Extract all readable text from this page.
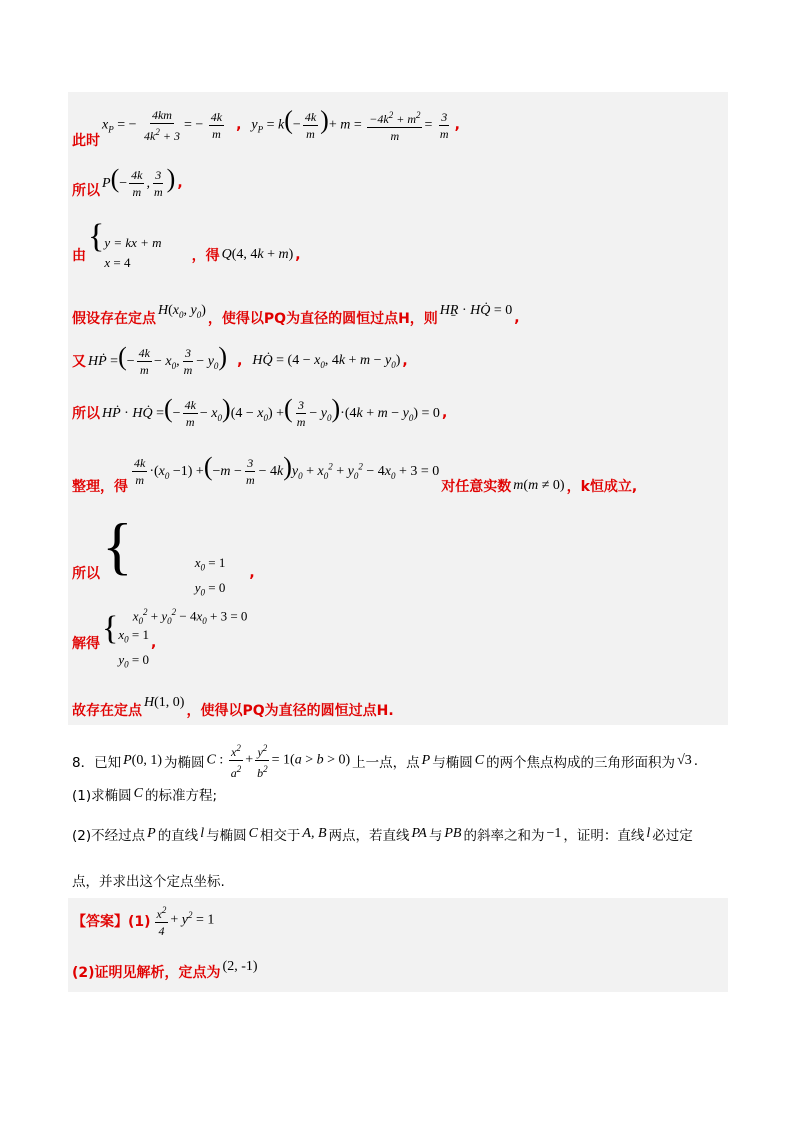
此时
$x_P$ = − $\frac{4km}{4k^2 + 3}$ = − $\frac{4k}{m}$ , $y_P = k(- \frac{4k}{m}$ )+ $m = \frac{-4k^2 + m^2}{m} = \frac{3}{m}$ ,
所以 $P(- \frac{4k}{m}$ , $\frac{3}{m}$ ) ,
由
{ y = kx + m
x = 4	，得 Q(4, 4k + m) ,
假设存在定点
$H(x_0$, $y_0$)
，使得以PQ为直径的圆恒过点H，则
HṞ · HQ̇ = 0 ,
又 HṖ =(− $\frac{4k}{m} - x_0$, $\frac{3}{m} - y_0$) , HQ̇ = ($4 - x_0$, $4k + m - y_0$) ,
所以 HṖ · HQ̇ =(− $\frac{4k}{m} - x_0)(4 - x_0)$ +( $\frac{3}{m} - y_0)\cdot(4k + m - y_0) = 0$ ,
整理，得 $\frac{4k}{m} \cdot(x_0 -1) +(-m - \frac{3}{m} - 4k)y_0 + x_0^2 + y_0^2 - 4x_0 + 3 = 0$
对任意实数 m(m ≠ 0) ，k恒成立,
所以 {	$x_0 = 1$
$y_0 = 0$
$x_0^2 + y_0^2 - 4x_0 + 3 = 0$
,
解得 { $x_0 = 1$
$y_0 = 0$
,
故存在定点
H(1, 0)
，使得以PQ为直径的圆恒过点H.
8． 已知 P(0, 1) 为椭圆 C : $\frac{x^2}{a^2} + \frac{y^2}{b^2} = 1(a > b > 0)$ 上一点，点 P 与椭圆 C 的两个焦点构成的三角形面积为 √3 .
(1)求椭圆 C 的标准方程;
(2)不经过点 P 的直线 l 与椭圆 C 相交于 A, B 两点，若直线 PA 与 PB 的斜率之和为 −1 ，证明：直线 l 必过定
点，并求出这个定点坐标.
【答案】$(1) \frac{x^2}{4} + y^2 = 1$
(2)证明见解析，定点为 (2, -1)
